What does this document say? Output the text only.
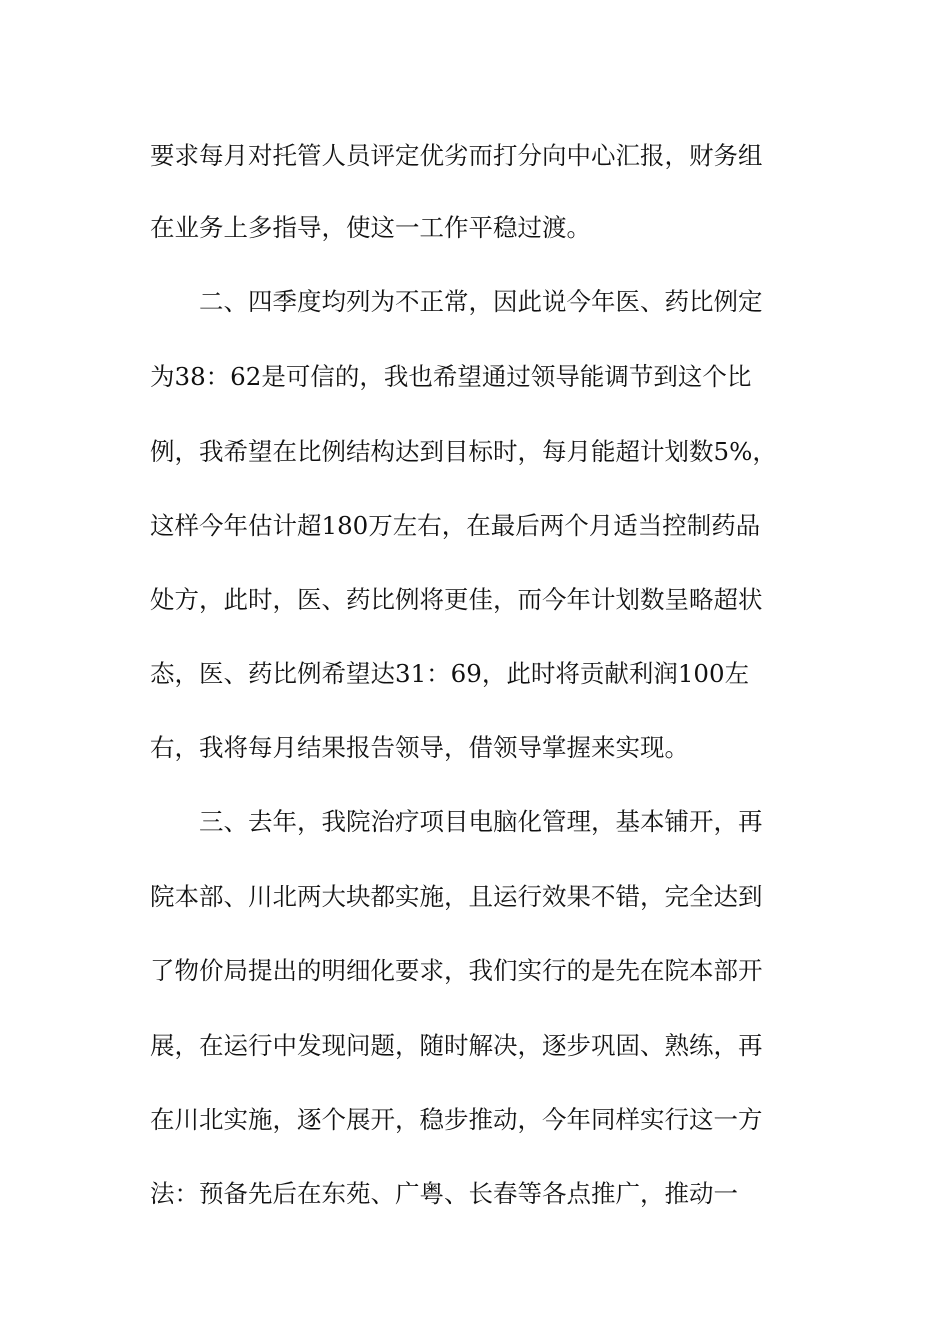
要求每月对托管人员评定优劣而打分向中心汇报，财务组
在业务上多指导，使这一工作平稳过渡。
二、四季度均列为不正常，因此说今年医、药比例定
为38：62是可信的，我也希望通过领导能调节到这个比
例，我希望在比例结构达到目标时，每月能超计划数5%，
这样今年估计超180万左右，在最后两个月适当控制药品
处方，此时，医、药比例将更佳，而今年计划数呈略超状
态，医、药比例希望达31：69，此时将贡献利润100左
右，我将每月结果报告领导，借领导掌握来实现。
三、去年，我院治疗项目电脑化管理，基本铺开，再
院本部、川北两大块都实施，且运行效果不错，完全达到
了物价局提出的明细化要求，我们实行的是先在院本部开
展，在运行中发现问题，随时解决，逐步巩固、熟练，再
在川北实施，逐个展开，稳步推动，今年同样实行这一方
法：预备先后在东苑、广粤、长春等各点推广，推动一
